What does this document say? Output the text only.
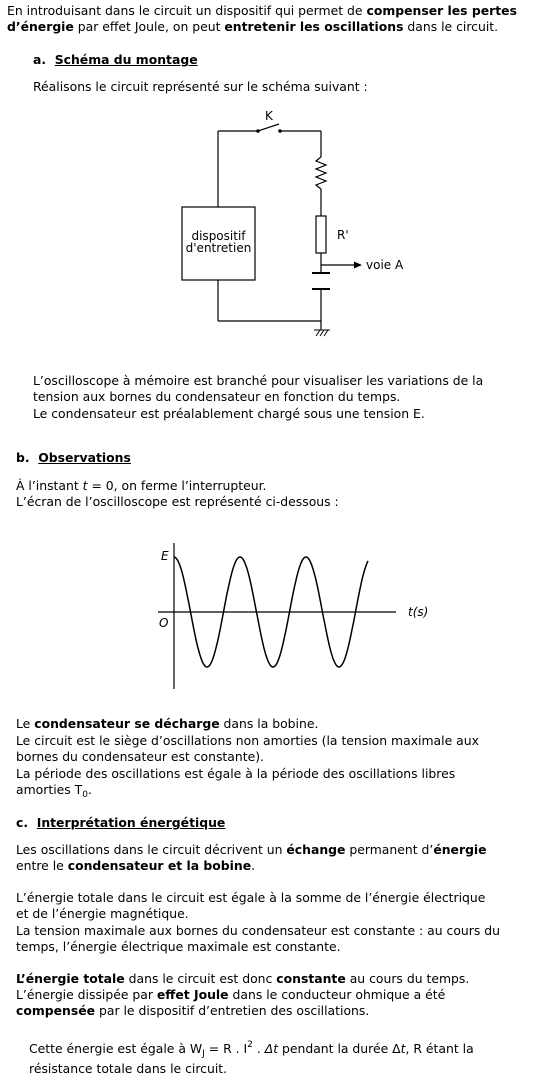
En introduisant dans le circuit un dispositif qui permet de compenser les pertes
d’énergie par effet Joule, on peut entretenir les oscillations dans le circuit.
a. Schéma du montage
Réalisons le circuit représenté sur le schéma suivant :
dispositif
d'entretien
K
R'
voie A
L’oscilloscope à mémoire est branché pour visualiser les variations de la
tension aux bornes du condensateur en fonction du temps.
Le condensateur est préalablement chargé sous une tension E.
b. Observations
À l’instant t = 0, on ferme l’interrupteur.
L’écran de l’oscilloscope est représenté ci-dessous :
E
O
t(s)
Le condensateur se décharge dans la bobine.
Le circuit est le siège d’oscillations non amorties (la tension maximale aux
bornes du condensateur est constante).
La période des oscillations est égale à la période des oscillations libres
amorties $T_0$.
c. Interprétation énergétique
Les oscillations dans le circuit décrivent un échange permanent d’énergie
entre le condensateur et la bobine.
L’énergie totale dans le circuit est égale à la somme de l’énergie électrique
et de l’énergie magnétique.
La tension maximale aux bornes du condensateur est constante : au cours du
temps, l’énergie électrique maximale est constante.
L’énergie totale dans le circuit est donc constante au cours du temps.
L’énergie dissipée par effet Joule dans le conducteur ohmique a été
compensée par le dispositif d’entretien des oscillations.
Cette énergie est égale à $W_J = R$ . $I^2$ . Δt pendant la durée Δt, R étant la
résistance totale dans le circuit.
